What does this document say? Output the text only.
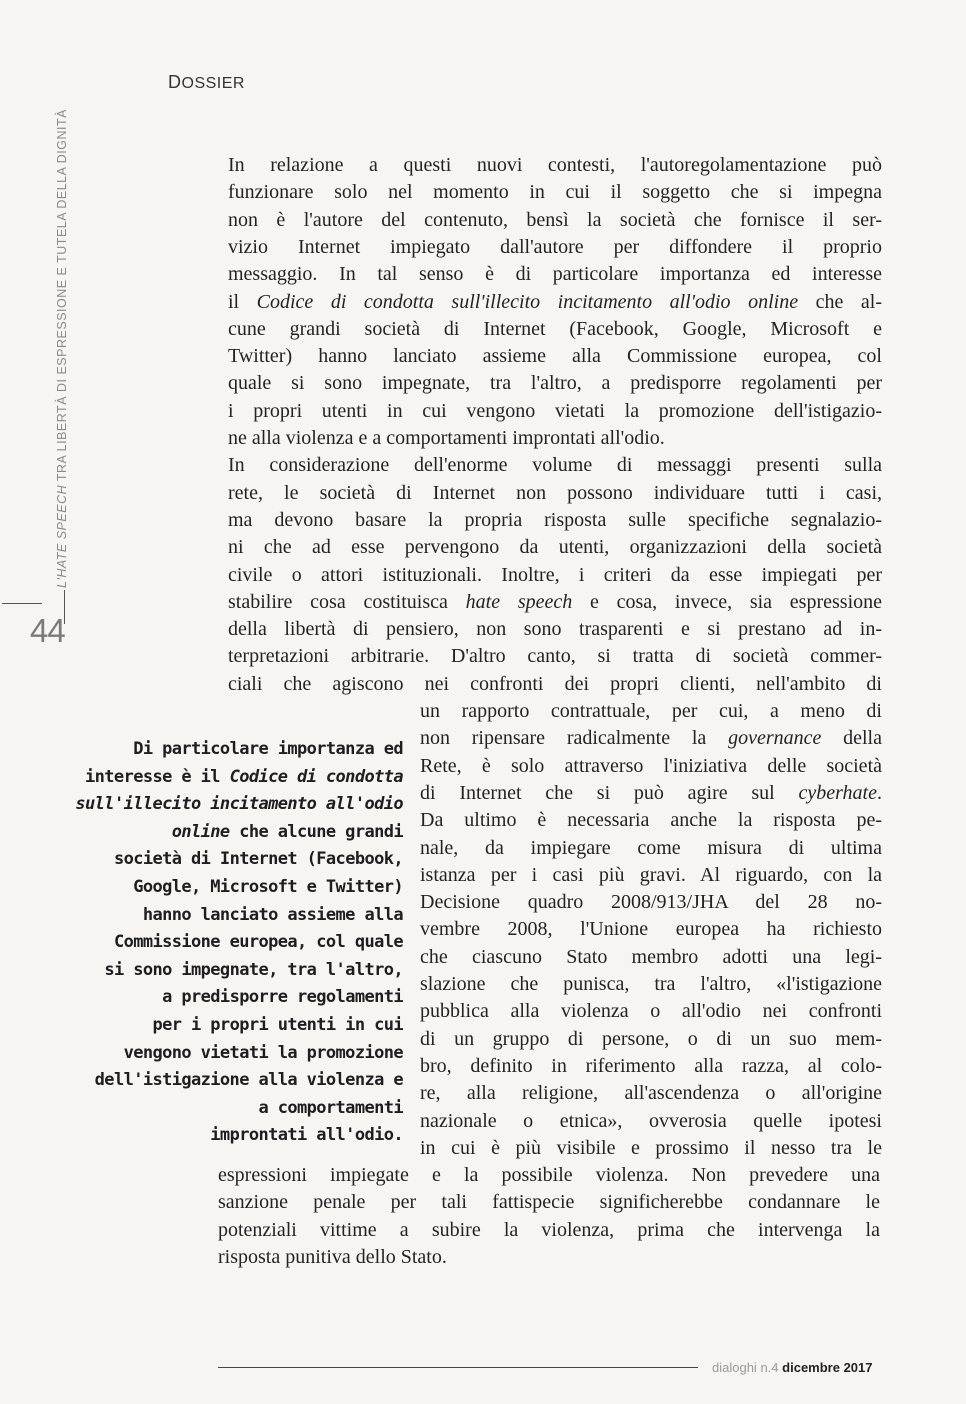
L'HATE SPEECH TRA LIBERTÀ DI ESPRESSIONE E TUTELA DELLA DIGNITÀ
44
DOSSIER
In relazione a questi nuovi contesti, l'autoregolamentazione può
funzionare solo nel momento in cui il soggetto che si impegna
non è l'autore del contenuto, bensì la società che fornisce il ser-
vizio Internet impiegato dall'autore per diffondere il proprio
messaggio. In tal senso è di particolare importanza ed interesse
il Codice di condotta sull'illecito incitamento all'odio online che al-
cune grandi società di Internet (Facebook, Google, Microsoft e
Twitter) hanno lanciato assieme alla Commissione europea, col
quale si sono impegnate, tra l'altro, a predisporre regolamenti per
i propri utenti in cui vengono vietati la promozione dell'istigazio-
ne alla violenza e a comportamenti improntati all'odio.
In considerazione dell'enorme volume di messaggi presenti sulla
rete, le società di Internet non possono individuare tutti i casi,
ma devono basare la propria risposta sulle specifiche segnalazio-
ni che ad esse pervengono da utenti, organizzazioni della società
civile o attori istituzionali. Inoltre, i criteri da esse impiegati per
stabilire cosa costituisca hate speech e cosa, invece, sia espressione
della libertà di pensiero, non sono trasparenti e si prestano ad in-
terpretazioni arbitrarie. D'altro canto, si tratta di società commer-
ciali che agiscono nei confronti dei propri clienti, nell'ambito di
un rapporto contrattuale, per cui, a meno di
non ripensare radicalmente la governance della
Rete, è solo attraverso l'iniziativa delle società
di Internet che si può agire sul cyberhate.
Da ultimo è necessaria anche la risposta pe-
nale, da impiegare come misura di ultima
istanza per i casi più gravi. Al riguardo, con la
Decisione quadro 2008/913/JHA del 28 no-
vembre 2008, l'Unione europea ha richiesto
che ciascuno Stato membro adotti una legi-
slazione che punisca, tra l'altro, «l'istigazione
pubblica alla violenza o all'odio nei confronti
di un gruppo di persone, o di un suo mem-
bro, definito in riferimento alla razza, al colo-
re, alla religione, all'ascendenza o all'origine
nazionale o etnica», ovverosia quelle ipotesi
in cui è più visibile e prossimo il nesso tra le
espressioni impiegate e la possibile violenza. Non prevedere una
sanzione penale per tali fattispecie significherebbe condannare le
potenziali vittime a subire la violenza, prima che intervenga la
risposta punitiva dello Stato.
Di particolare importanza ed
interesse è il Codice di condotta
sull'illecito incitamento all'odio
online che alcune grandi
società di Internet (Facebook,
Google, Microsoft e Twitter)
hanno lanciato assieme alla
Commissione europea, col quale
si sono impegnate, tra l'altro,
a predisporre regolamenti
per i propri utenti in cui
vengono vietati la promozione
dell'istigazione alla violenza e
a comportamenti
improntati all'odio.
dialoghi n.4 dicembre 2017
